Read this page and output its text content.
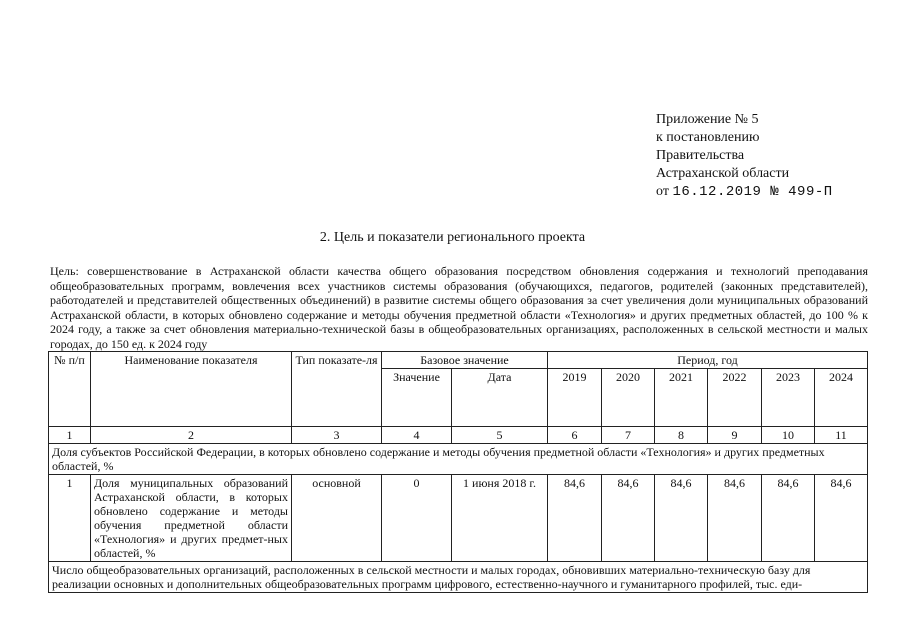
Приложение № 5
к постановлению
Правительства
Астраханской области
от 16.12.2019 № 499-П
2. Цель и показатели регионального проекта
Цель: совершенствование в Астраханской области качества общего образования посредством обновления содержания и технологий преподавания общеобразовательных программ, вовлечения всех участников системы образования (обучающихся, педагогов, родителей (законных представителей), работодателей и представителей общественных объединений) в развитие системы общего образования за счет увеличения доли муниципальных образований Астраханской области, в которых обновлено содержание и методы обучения предметной области «Технология» и других предметных областей, до 100 % к 2024 году, а также за счет обновления материально-технической базы в общеобразовательных организациях, расположенных в сельской местности и малых городах, до 150 ед. к 2024 году
№ п/п	Наименование показателя	Тип показате-ля	Базовое значение		Период, год					
			Значение	Дата	2019	2020	2021	2022	2023	2024
1	2	3	4	5	6	7	8	9	10	11
Доля субъектов Российской Федерации, в которых обновлено содержание и методы обучения предметной области «Технология» и других предметных областей, %										
1	Доля муниципальных образований Астраханской области, в которых обновлено содержание и методы обучения предметной области «Технология» и других предмет-ных областей, %	основной	0	1 июня 2018 г.	84,6	84,6	84,6	84,6	84,6	84,6
Число общеобразовательных организаций, расположенных в сельской местности и малых городах, обновивших материально-техническую базу для реализации основных и дополнительных общеобразовательных программ цифрового, естественно-научного и гуманитарного профилей, тыс. еди-										
